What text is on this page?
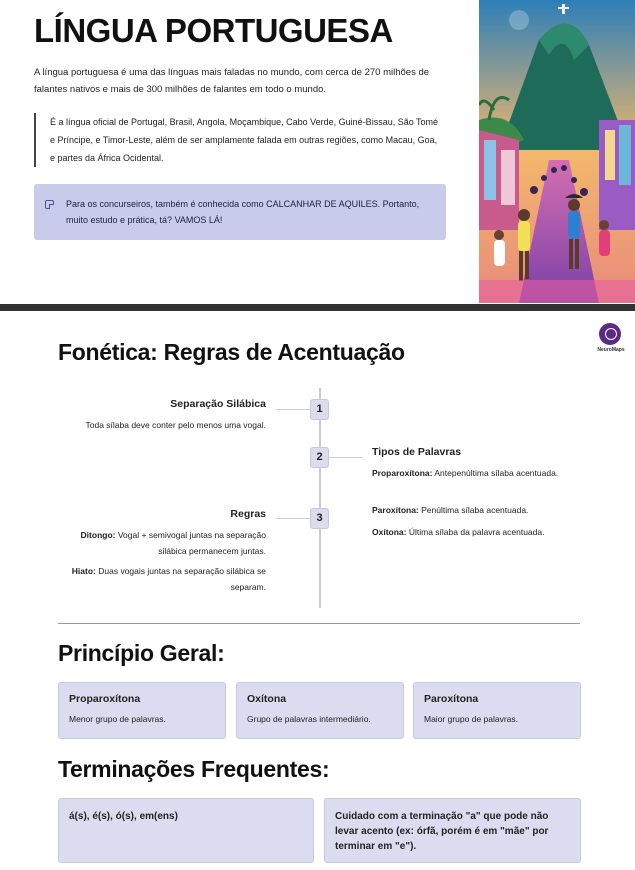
LÍNGUA PORTUGUESA

A língua portuguesa é uma das línguas mais faladas no mundo, com cerca de 270 milhões de falantes nativos e mais de 300 milhões de falantes em todo o mundo.

É a língua oficial de Portugal, Brasil, Angola, Moçambique, Cabo Verde, Guiné-Bissau, São Tomé e Príncipe, e Timor-Leste, além de ser amplamente falada em outras regiões, como Macau, Goa, e partes da África Ocidental.
Para os concurseiros, também é conhecida como CALCANHAR DE AQUILES. Portanto, muito estudo e prática, tá? VAMOS LÁ!
Fonética: Regras de Acentuação	NeuroMaps
1
Separação Silábica
Toda sílaba deve conter pelo menos uma vogal.
2	Tipos de Palavras
Proparoxítona: Antepenúltima sílaba acentuada.
Paroxítona: Penúltima sílaba acentuada.
Oxítona: Última sílaba da palavra acentuada.
3
Regras
Ditongo: Vogal + semivogal juntas na separação silábica permanecem juntas.
Hiato: Duas vogais juntas na separação silábica se separam.
Princípio Geral:
Proparoxítona
Menor grupo de palavras.
Oxítona
Grupo de palavras intermediário.
Paroxítona
Maior grupo de palavras.
Terminações Frequentes:
á(s), é(s), ó(s), em(ens)	Cuidado com a terminação "a" que pode não levar acento (ex: órfã, porém é em "mãe" por terminar em "e").
